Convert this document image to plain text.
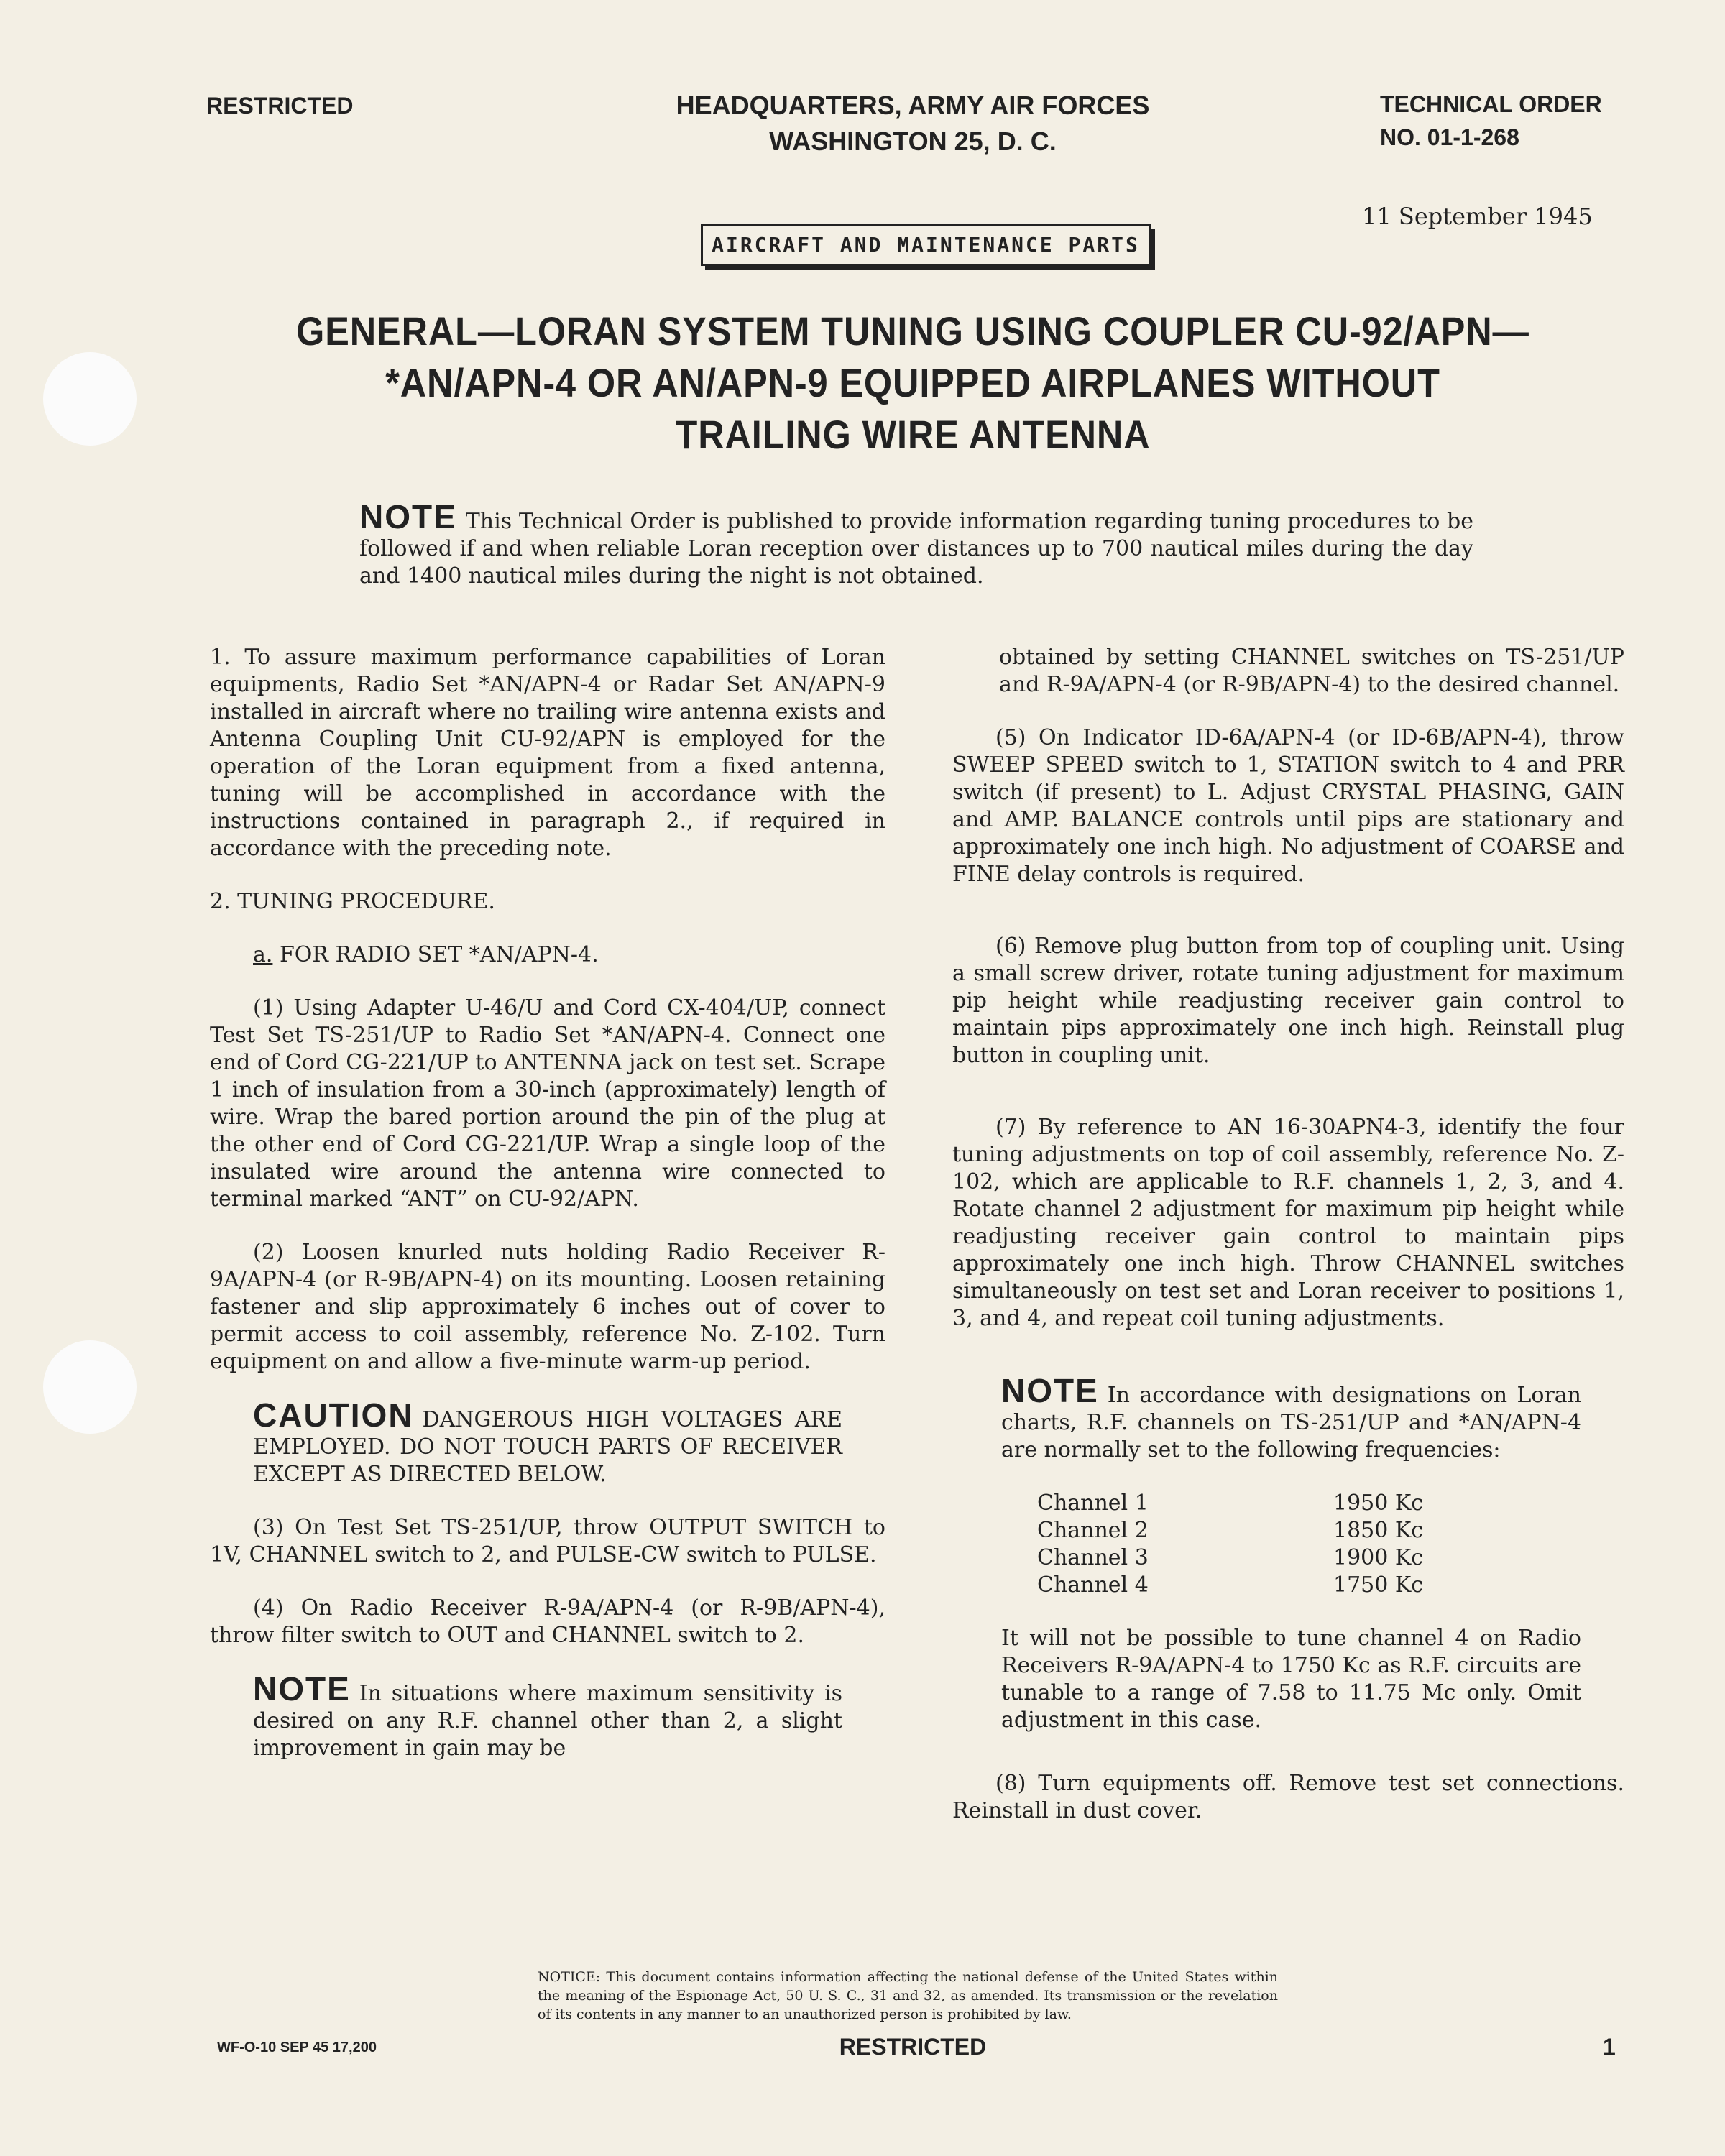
RESTRICTED	HEADQUARTERS, ARMY AIR FORCES
WASHINGTON 25, D. C.
TECHNICAL ORDER
NO. 01-1-268
11 September 1945
AIRCRAFT AND MAINTENANCE PARTS
GENERAL—LORAN SYSTEM TUNING USING COUPLER CU-92/APN—
*AN/APN-4 OR AN/APN-9 EQUIPPED AIRPLANES WITHOUT
TRAILING WIRE ANTENNA

NOTE This Technical Order is published to provide information regarding tuning procedures to be followed if and when reliable Loran reception over distances up to 700 nautical miles during the day and 1400 nautical miles during the night is not obtained.

1. To assure maximum performance capabilities of Loran equipments, Radio Set *AN/APN-4 or Radar Set AN/APN-9 installed in aircraft where no trailing wire antenna exists and Antenna Coupling Unit CU-92/APN is employed for the operation of the Loran equipment from a fixed antenna, tuning will be accomplished in accordance with the instructions contained in paragraph 2., if required in accordance with the preceding note.

2. TUNING PROCEDURE.

a. FOR RADIO SET *AN/APN-4.

(1) Using Adapter U-46/U and Cord CX-404/UP, connect Test Set TS-251/UP to Radio Set *AN/APN-4. Connect one end of Cord CG-221/UP to ANTENNA jack on test set. Scrape 1 inch of insulation from a 30-inch (approximately) length of wire. Wrap the bared portion around the pin of the plug at the other end of Cord CG-221/UP. Wrap a single loop of the insulated wire around the antenna wire connected to terminal marked “ANT” on CU-92/APN.

(2) Loosen knurled nuts holding Radio Receiver R-9A/APN-4 (or R-9B/APN-4) on its mounting. Loosen retaining fastener and slip approximately 6 inches out of cover to permit access to coil assembly, reference No. Z-102. Turn equipment on and allow a five-minute warm-up period.

CAUTION DANGEROUS HIGH VOLTAGES ARE EMPLOYED. DO NOT TOUCH PARTS OF RECEIVER EXCEPT AS DIRECTED BELOW.

(3) On Test Set TS-251/UP, throw OUTPUT SWITCH to 1V, CHANNEL switch to 2, and PULSE-CW switch to PULSE.

(4) On Radio Receiver R-9A/APN-4 (or R-9B/APN-4), throw filter switch to OUT and CHANNEL switch to 2.

NOTE In situations where maximum sensitivity is desired on any R.F. channel other than 2, a slight improvement in gain may be
obtained by setting CHANNEL switches on TS-251/UP and R-9A/APN-4 (or R-9B/APN-4) to the desired channel.

(5) On Indicator ID-6A/APN-4 (or ID-6B/APN-4), throw SWEEP SPEED switch to 1, STATION switch to 4 and PRR switch (if present) to L. Adjust CRYSTAL PHASING, GAIN and AMP. BALANCE controls until pips are stationary and approximately one inch high. No adjustment of COARSE and FINE delay controls is required.

(6) Remove plug button from top of coupling unit. Using a small screw driver, rotate tuning adjustment for maximum pip height while readjusting receiver gain control to maintain pips approximately one inch high. Reinstall plug button in coupling unit.

(7) By reference to AN 16-30APN4-3, identify the four tuning adjustments on top of coil assembly, reference No. Z-102, which are applicable to R.F. channels 1, 2, 3, and 4. Rotate channel 2 adjustment for maximum pip height while readjusting receiver gain control to maintain pips approximately one inch high. Throw CHANNEL switches simultaneously on test set and Loran receiver to positions 1, 3, and 4, and repeat coil tuning adjustments.

NOTE In accordance with designations on Loran charts, R.F. channels on TS-251/UP and *AN/APN-4 are normally set to the following frequencies:
Channel 1	1950 Kc
Channel 2	1850 Kc
Channel 3	1900 Kc
Channel 4	1750 Kc

It will not be possible to tune channel 4 on Radio Receivers R-9A/APN-4 to 1750 Kc as R.F. circuits are tunable to a range of 7.58 to 11.75 Mc only. Omit adjustment in this case.

(8) Turn equipments off. Remove test set connections. Reinstall in dust cover.

NOTICE: This document contains information affecting the national defense of the United States within the meaning of the Espionage Act, 50 U. S. C., 31 and 32, as amended. Its transmission or the revelation of its contents in any manner to an unauthorized person is prohibited by law.
WF-O-10 SEP 45 17,200	RESTRICTED	1
